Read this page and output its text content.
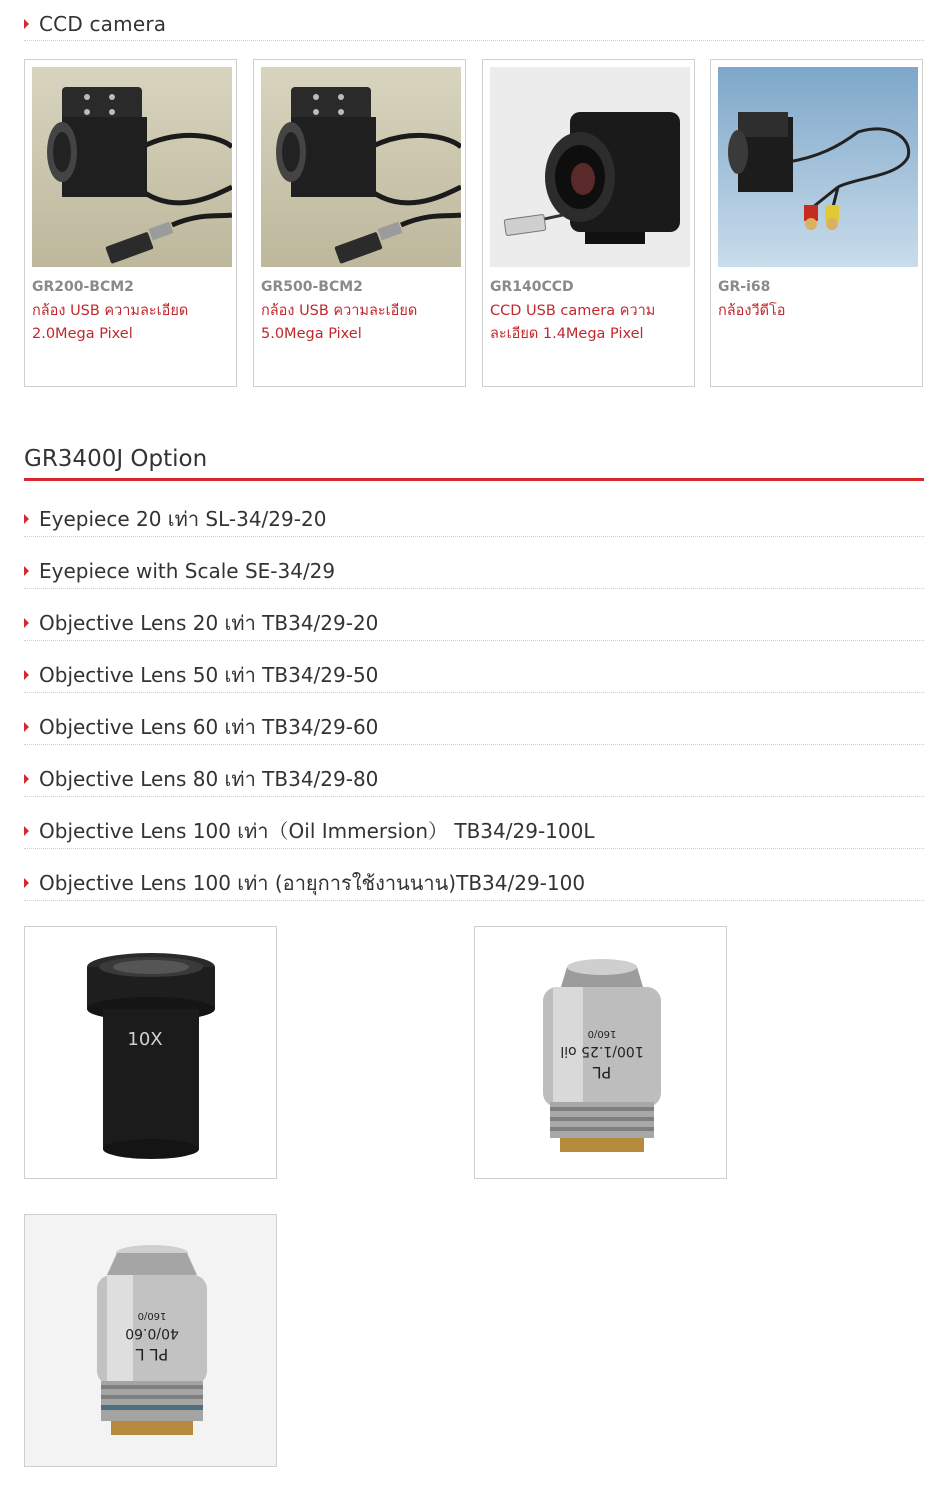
CCD camera
GR200-BCM2
กล้อง USB ความละเอียด 2.0Mega Pixel
GR500-BCM2
กล้อง USB ความละเอียด 5.0Mega Pixel
GR140CCD
CCD USB camera ความละเอียด 1.4Mega Pixel
GR-i68
กล้องวีดีโอ
GR3400J Option
Eyepiece 20 เท่า SL-34/29-20
Eyepiece with Scale SE-34/29
Objective Lens 20 เท่า TB34/29-20
Objective Lens 50 เท่า TB34/29-50
Objective Lens 60 เท่า TB34/29-60
Objective Lens 80 เท่า TB34/29-80
Objective Lens 100 เท่า（Oil Immersion） TB34/29-100L
Objective Lens 100 เท่า (อายุการใช้งานนาน)TB34/29-100
10X
PL
100/1.25 oil
160/0
PL L
40/0.60
160/0
